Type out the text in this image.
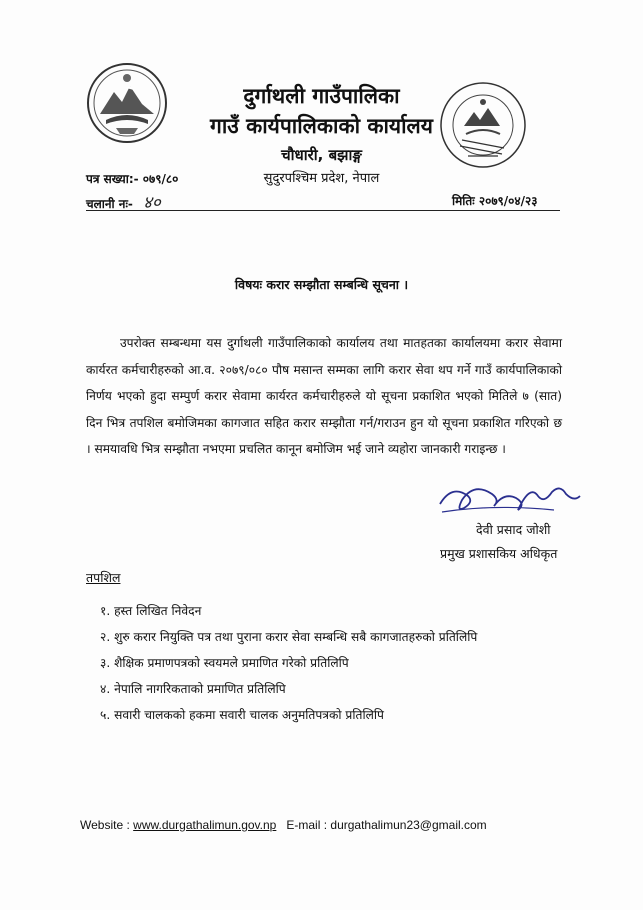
दुर्गाथली गाउँपालिका
गाउँ कार्यपालिकाको कार्यालय
चौधारी, बझाङ्ग
सुदुरपश्चिम प्रदेश, नेपाल
पत्र सख्या:- ०७९/८०
चलानी नः- ४०	मितिः २०७९/०४/२३
विषयः करार सम्झौता सम्बन्धि सूचना ।
उपरोक्त सम्बन्धमा यस दुर्गाथली गाउँपालिकाको कार्यालय तथा मातहतका कार्यालयमा करार सेवामा कार्यरत कर्मचारीहरुको आ.व. २०७९/०८० पौष मसान्त सम्मका लागि करार सेवा थप गर्ने गाउँ कार्यपालिकाको निर्णय भएको हुदा सम्पुर्ण करार सेवामा कार्यरत कर्मचारीहरुले यो सूचना प्रकाशित भएको मितिले ७ (सात) दिन भित्र तपशिल बमोजिमका कागजात सहित करार सम्झौता गर्न/गराउन हुन यो सूचना प्रकाशित गरिएको छ । समयावधि भित्र सम्झौता नभएमा प्रचलित कानून बमोजिम भई जाने व्यहोरा जानकारी गराइन्छ ।
देवी प्रसाद जोशी
प्रमुख प्रशासकिय अधिकृत
तपशिल
१. हस्त लिखित निवेदन
२. शुरु करार नियुक्ति पत्र तथा पुराना करार सेवा सम्बन्धि सबै कागजातहरुको प्रतिलिपि
३. शैक्षिक प्रमाणपत्रको स्वयमले प्रमाणित गरेको प्रतिलिपि
४. नेपालि नागरिकताको प्रमाणित प्रतिलिपि
५. सवारी चालकको हकमा सवारी चालक अनुमतिपत्रको प्रतिलिपि
Website : www.durgathalimun.gov.np E-mail : durgathalimun23@gmail.com
